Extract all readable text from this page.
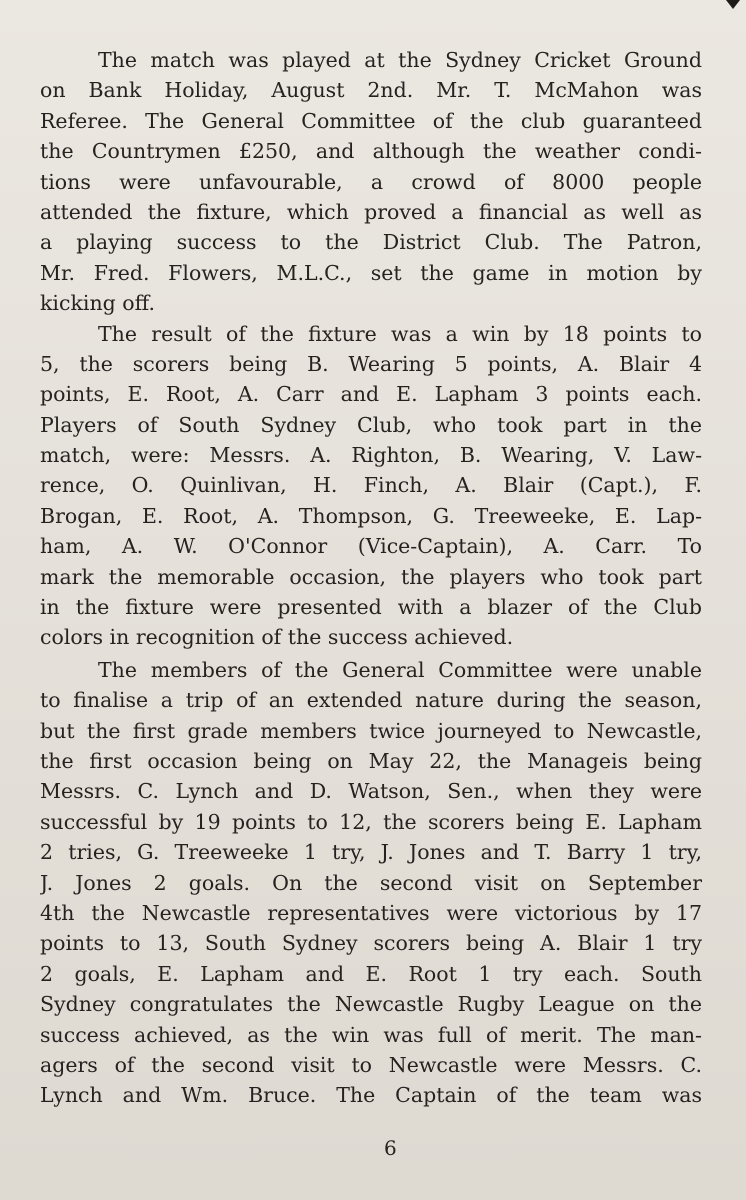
The match was played at the Sydney Cricket Ground
on Bank Holiday, August 2nd. Mr. T. McMahon was
Referee. The General Committee of the club guaranteed
the Countrymen £250, and although the weather condi-
tions were unfavourable, a crowd of 8000 people
attended the fixture, which proved a financial as well as
a playing success to the District Club. The Patron,
Mr. Fred. Flowers, M.L.C., set the game in motion by
kicking off.
The result of the fixture was a win by 18 points to
5, the scorers being B. Wearing 5 points, A. Blair 4
points, E. Root, A. Carr and E. Lapham 3 points each.
Players of South Sydney Club, who took part in the
match, were: Messrs. A. Righton, B. Wearing, V. Law-
rence, O. Quinlivan, H. Finch, A. Blair (Capt.), F.
Brogan, E. Root, A. Thompson, G. Treeweeke, E. Lap-
ham, A. W. O'Connor (Vice-Captain), A. Carr. To
mark the memorable occasion, the players who took part
in the fixture were presented with a blazer of the Club
colors in recognition of the success achieved.
The members of the General Committee were unable
to finalise a trip of an extended nature during the season,
but the first grade members twice journeyed to Newcastle,
the first occasion being on May 22, the Manageis being
Messrs. C. Lynch and D. Watson, Sen., when they were
successful by 19 points to 12, the scorers being E. Lapham
2 tries, G. Treeweeke 1 try, J. Jones and T. Barry 1 try,
J. Jones 2 goals. On the second visit on September
4th the Newcastle representatives were victorious by 17
points to 13, South Sydney scorers being A. Blair 1 try
2 goals, E. Lapham and E. Root 1 try each. South
Sydney congratulates the Newcastle Rugby League on the
success achieved, as the win was full of merit. The man-
agers of the second visit to Newcastle were Messrs. C.
Lynch and Wm. Bruce. The Captain of the team was
6
